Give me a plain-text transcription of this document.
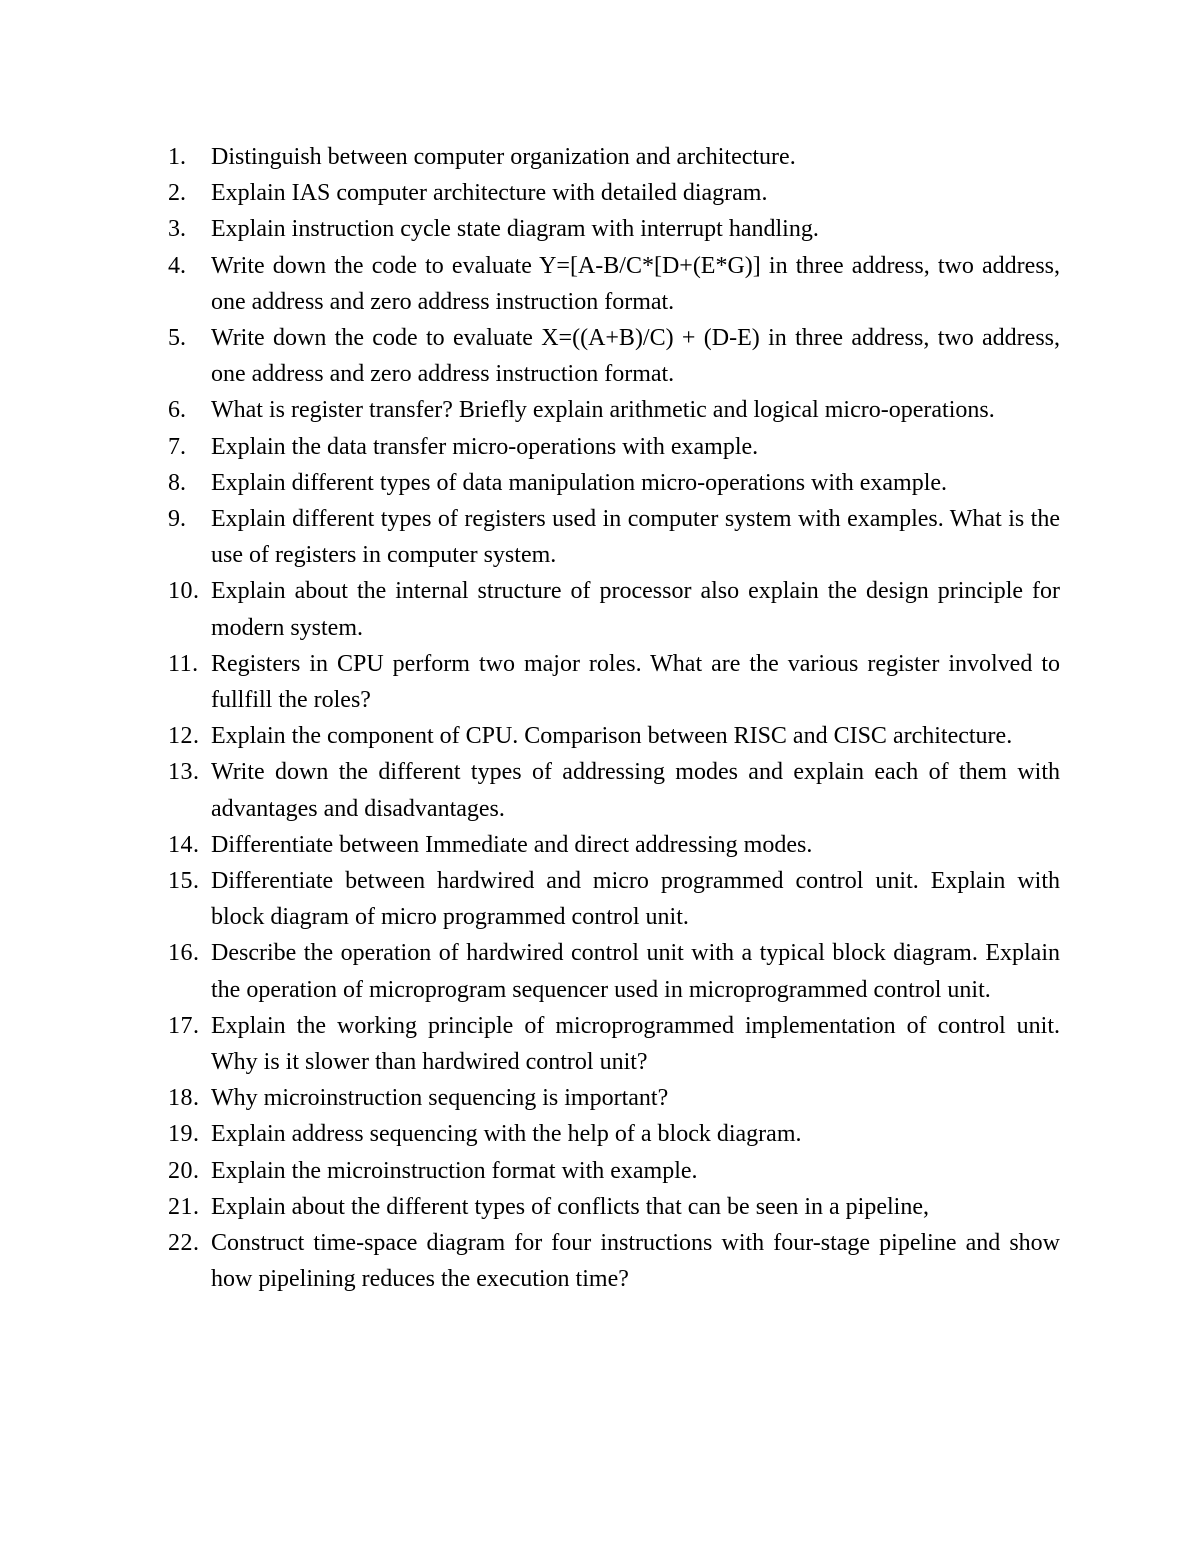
1.	Distinguish between computer organization and architecture.
2.	Explain IAS computer architecture with detailed diagram.
3.	Explain instruction cycle state diagram with interrupt handling.
4.	Write down the code to evaluate Y=[A-B/C*[D+(E*G)] in three address, two address, one address and zero address instruction format.
5.	Write down the code to evaluate X=((A+B)/C) + (D-E) in three address, two address, one address and zero address instruction format.
6.	What is register transfer? Briefly explain arithmetic and logical micro-operations.
7.	Explain the data transfer micro-operations with example.
8.	Explain different types of data manipulation micro-operations with example.
9.	Explain different types of registers used in computer system with examples. What is the use of registers in computer system.
10. Explain about the internal structure of processor also explain the design principle for modern system.
11. Registers in CPU perform two major roles. What are the various register involved to fullfill the roles?
12. Explain the component of CPU. Comparison between RISC and CISC architecture.
13. Write down the different types of addressing modes and explain each of them with advantages and disadvantages.
14. Differentiate between Immediate and direct addressing modes.
15. Differentiate between hardwired and micro programmed control unit. Explain with block diagram of micro programmed control unit.
16. Describe the operation of hardwired control unit with a typical block diagram. Explain the operation of microprogram sequencer used in microprogrammed control unit.
17. Explain the working principle of microprogrammed implementation of control unit. Why is it slower than hardwired control unit?
18. Why microinstruction sequencing is important?
19. Explain address sequencing with the help of a block diagram.
20. Explain the microinstruction format with example.
21. Explain about the different types of conflicts that can be seen in a pipeline,
22. Construct time-space diagram for four instructions with four-stage pipeline and show how pipelining reduces the execution time?
